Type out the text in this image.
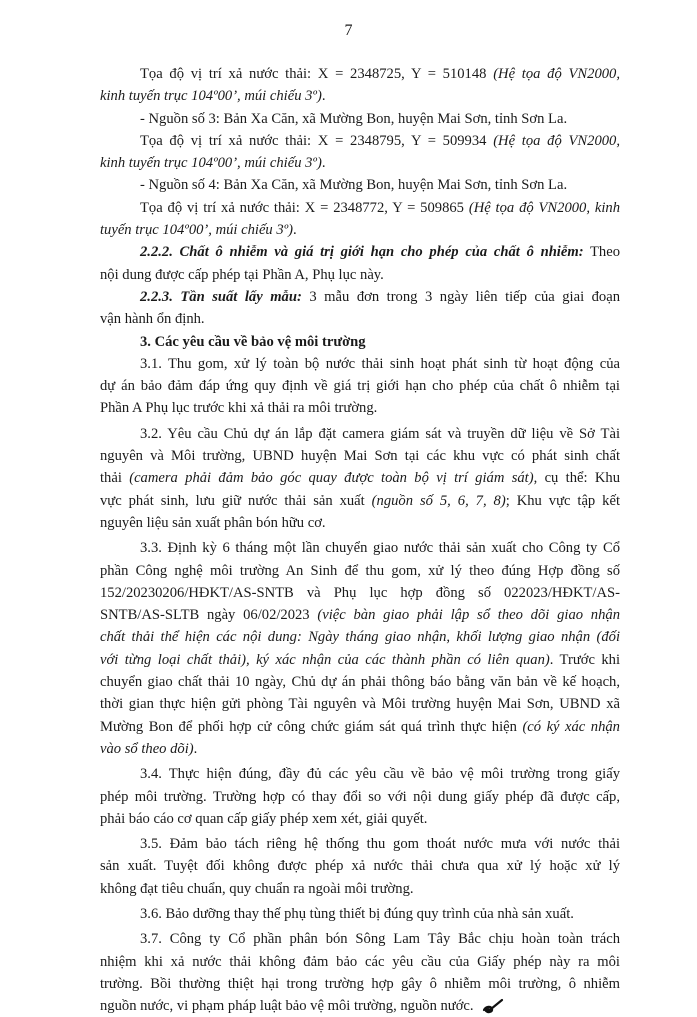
7
Tọa độ vị trí xả nước thải: X = 2348725, Y = 510148 (Hệ tọa độ VN2000,
kinh tuyến trục 104º00’, múi chiếu 3º).
- Nguồn số 3: Bản Xa Căn, xã Mường Bon, huyện Mai Sơn, tỉnh Sơn La.
Tọa độ vị trí xả nước thải: X = 2348795, Y = 509934 (Hệ tọa độ VN2000,
kinh tuyến trục 104º00’, múi chiếu 3º).
- Nguồn số 4: Bản Xa Căn, xã Mường Bon, huyện Mai Sơn, tỉnh Sơn La.
Tọa độ vị trí xả nước thải: X = 2348772, Y = 509865 (Hệ tọa độ VN2000, kinh
tuyến trục 104º00’, múi chiếu 3º).
2.2.2. Chất ô nhiễm và giá trị giới hạn cho phép của chất ô nhiễm: Theo
nội dung được cấp phép tại Phần A, Phụ lục này.
2.2.3. Tần suất lấy mẫu: 3 mẫu đơn trong 3 ngày liên tiếp của giai đoạn
vận hành ổn định.
3. Các yêu cầu về bảo vệ môi trường
3.1. Thu gom, xử lý toàn bộ nước thải sinh hoạt phát sinh từ hoạt động của
dự án bảo đảm đáp ứng quy định về giá trị giới hạn cho phép của chất ô nhiễm tại
Phần A Phụ lục trước khi xả thải ra môi trường.
3.2. Yêu cầu Chủ dự án lắp đặt camera giám sát và truyền dữ liệu về Sở Tài
nguyên và Môi trường, UBND huyện Mai Sơn tại các khu vực có phát sinh chất
thải (camera phải đảm bảo góc quay được toàn bộ vị trí giám sát), cụ thể: Khu
vực phát sinh, lưu giữ nước thải sản xuất (nguồn số 5, 6, 7, 8); Khu vực tập kết
nguyên liệu sản xuất phân bón hữu cơ.
3.3. Định kỳ 6 tháng một lần chuyển giao nước thải sản xuất cho Công ty Cổ
phần Công nghệ môi trường An Sinh để thu gom, xử lý theo đúng Hợp đồng số
152/20230206/HĐKT/AS-SNTB và Phụ lục hợp đồng số 022023/HĐKT/AS-
SNTB/AS-SLTB ngày 06/02/2023 (việc bàn giao phải lập sổ theo dõi giao nhận
chất thải thể hiện các nội dung: Ngày tháng giao nhận, khối lượng giao nhận (đối
với từng loại chất thải), ký xác nhận của các thành phần có liên quan). Trước khi
chuyển giao chất thải 10 ngày, Chủ dự án phải thông báo bằng văn bản về kế hoạch,
thời gian thực hiện gửi phòng Tài nguyên và Môi trường huyện Mai Sơn, UBND xã
Mường Bon để phối hợp cử công chức giám sát quá trình thực hiện (có ký xác nhận
vào sổ theo dõi).
3.4. Thực hiện đúng, đầy đủ các yêu cầu về bảo vệ môi trường trong giấy
phép môi trường. Trường hợp có thay đổi so với nội dung giấy phép đã được cấp,
phải báo cáo cơ quan cấp giấy phép xem xét, giải quyết.
3.5. Đảm bảo tách riêng hệ thống thu gom thoát nước mưa với nước thải
sản xuất. Tuyệt đối không được phép xả nước thải chưa qua xử lý hoặc xử lý
không đạt tiêu chuẩn, quy chuẩn ra ngoài môi trường.
3.6. Bảo dưỡng thay thế phụ tùng thiết bị đúng quy trình của nhà sản xuất.
3.7. Công ty Cổ phần phân bón Sông Lam Tây Bắc chịu hoàn toàn trách
nhiệm khi xả nước thải không đảm bảo các yêu cầu của Giấy phép này ra môi
trường. Bồi thường thiệt hại trong trường hợp gây ô nhiễm môi trường, ô nhiễm
nguồn nước, vi phạm pháp luật bảo vệ môi trường, nguồn nước.
